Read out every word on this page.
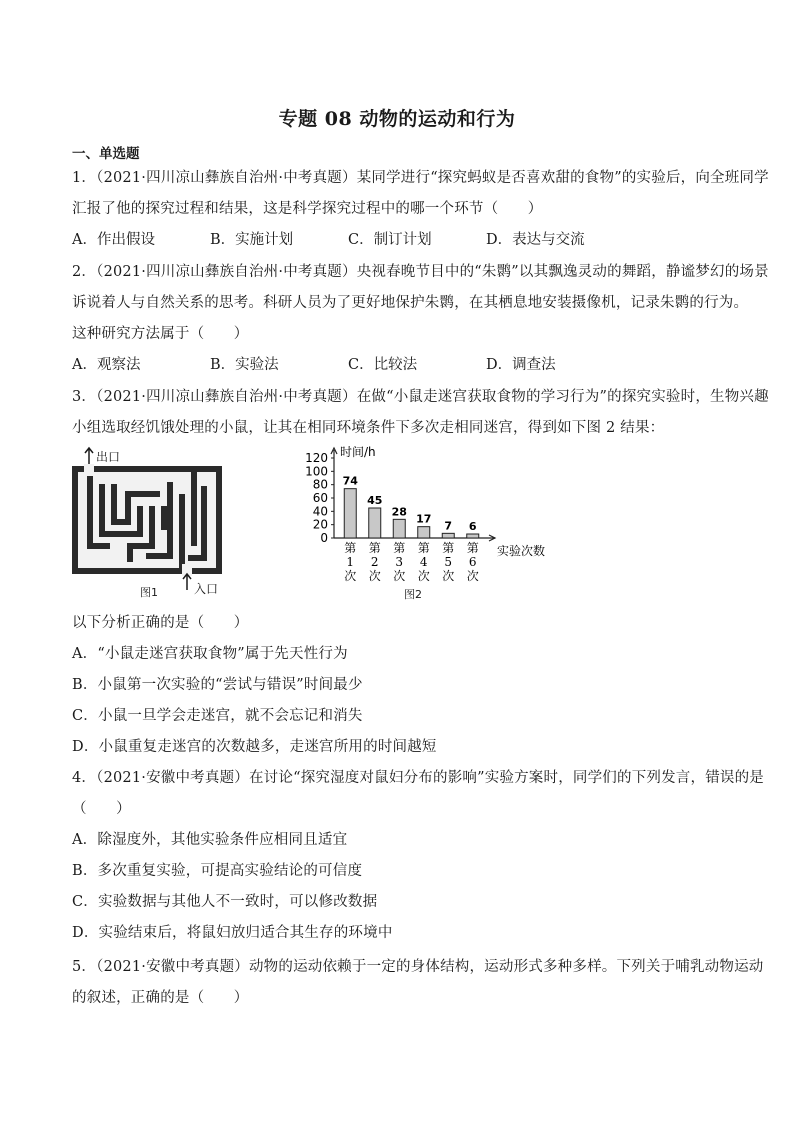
专题 08 动物的运动和行为
一、单选题
1．（2021·四川凉山彝族自治州·中考真题）某同学进行“探究蚂蚁是否喜欢甜的食物”的实验后，向全班同学
汇报了他的探究过程和结果，这是科学探究过程中的哪一个环节（　　）
A．作出假设	B．实施计划	C．制订计划	D．表达与交流
2．（2021·四川凉山彝族自治州·中考真题）央视春晚节目中的“朱鹮”以其飘逸灵动的舞蹈，静谧梦幻的场景
诉说着人与自然关系的思考。科研人员为了更好地保护朱鹮，在其栖息地安装摄像机，记录朱鹮的行为。
这种研究方法属于（　　）
A．观察法	B．实验法	C．比较法	D．调查法
3．（2021·四川凉山彝族自治州·中考真题）在做“小鼠走迷宫获取食物的学习行为”的探究实验时，生物兴趣
小组选取经饥饿处理的小鼠，让其在相同环境条件下多次走相同迷宫，得到如下图 2 结果：
出口
入口
图1
0
20
40
60
80
100
120 时间/h
实验次数
74
第
1
次
45
第
2
次
28
第
3
次
17
第
4
次
7
第
5
次
6
第
6
次
图2
以下分析正确的是（　　）
A．“小鼠走迷宫获取食物”属于先天性行为
B．小鼠第一次实验的“尝试与错误”时间最少
C．小鼠一旦学会走迷宫，就不会忘记和消失
D．小鼠重复走迷宫的次数越多，走迷宫所用的时间越短
4．（2021·安徽中考真题）在讨论“探究湿度对鼠妇分布的影响”实验方案时，同学们的下列发言，错误的是
（　　）
A．除湿度外，其他实验条件应相同且适宜
B．多次重复实验，可提高实验结论的可信度
C．实验数据与其他人不一致时，可以修改数据
D．实验结束后，将鼠妇放归适合其生存的环境中
5．（2021·安徽中考真题）动物的运动依赖于一定的身体结构，运动形式多种多样。下列关于哺乳动物运动
的叙述，正确的是（　　）
